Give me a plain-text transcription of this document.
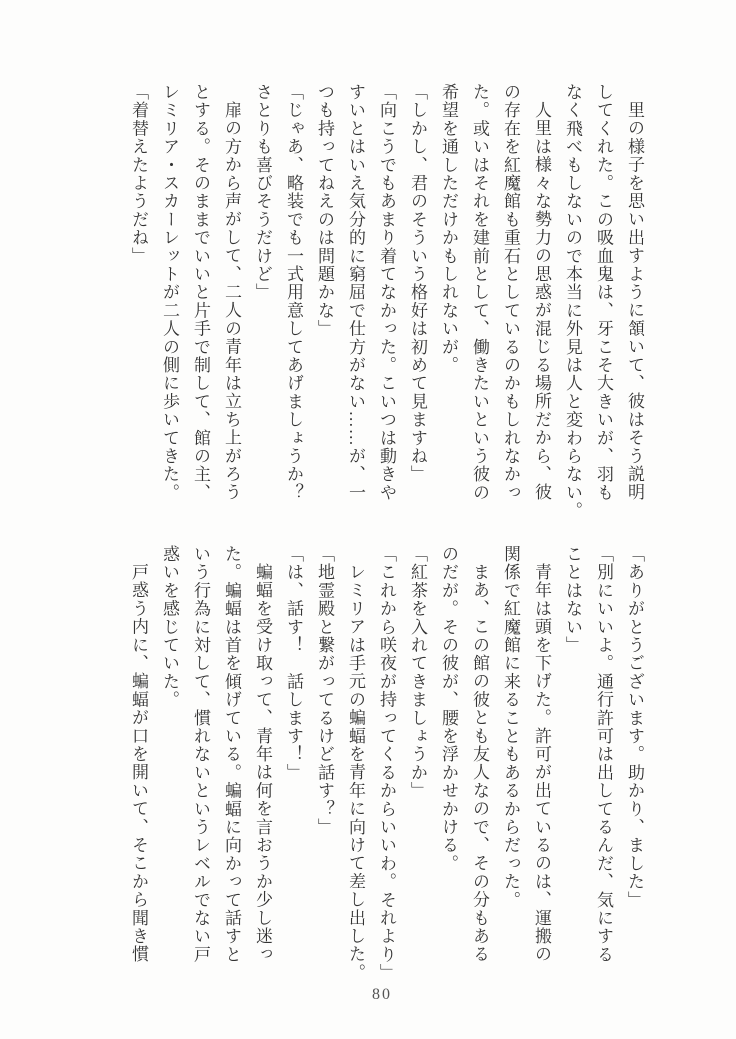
里の様子を思い出すように頷いて、彼はそう説明
してくれた。この吸血鬼は、牙こそ大きいが、羽も
なく飛べもしないので本当に外見は人と変わらない。
人里は様々な勢力の思惑が混じる場所だから、彼
の存在を紅魔館も重石としているのかもしれなかっ
た。或いはそれを建前として、働きたいという彼の
希望を通しただけかもしれないが。
「しかし、君のそういう格好は初めて見ますね」
「向こうでもあまり着てなかった。こいつは動きや
すいとはいえ気分的に窮屈で仕方がない……が、一
つも持ってねえのは問題かな」
「じゃあ、略装でも一式用意してあげましょうか？
さとりも喜びそうだけど」
扉の方から声がして、二人の青年は立ち上がろう
とする。そのままでいいと片手で制して、館の主、
レミリア・スカーレットが二人の側に歩いてきた。
「着替えたようだね」
「ありがとうございます。助かり、ました」
「別にいいよ。通行許可は出してるんだ、気にする
ことはない」
青年は頭を下げた。許可が出ているのは、運搬の
関係で紅魔館に来ることもあるからだった。
まあ、この館の彼とも友人なので、その分もある
のだが。その彼が、腰を浮かせかける。
「紅茶を入れてきましょうか」
「これから咲夜が持ってくるからいいわ。それより」
レミリアは手元の蝙蝠を青年に向けて差し出した。
「地霊殿と繋がってるけど話す？」
「は、話す！　話します！」
蝙蝠を受け取って、青年は何を言おうか少し迷っ
た。蝙蝠は首を傾げている。蝙蝠に向かって話すと
いう行為に対して、慣れないというレベルでない戸
惑いを感じていた。
戸惑う内に、蝙蝠が口を開いて、そこから聞き慣
80
